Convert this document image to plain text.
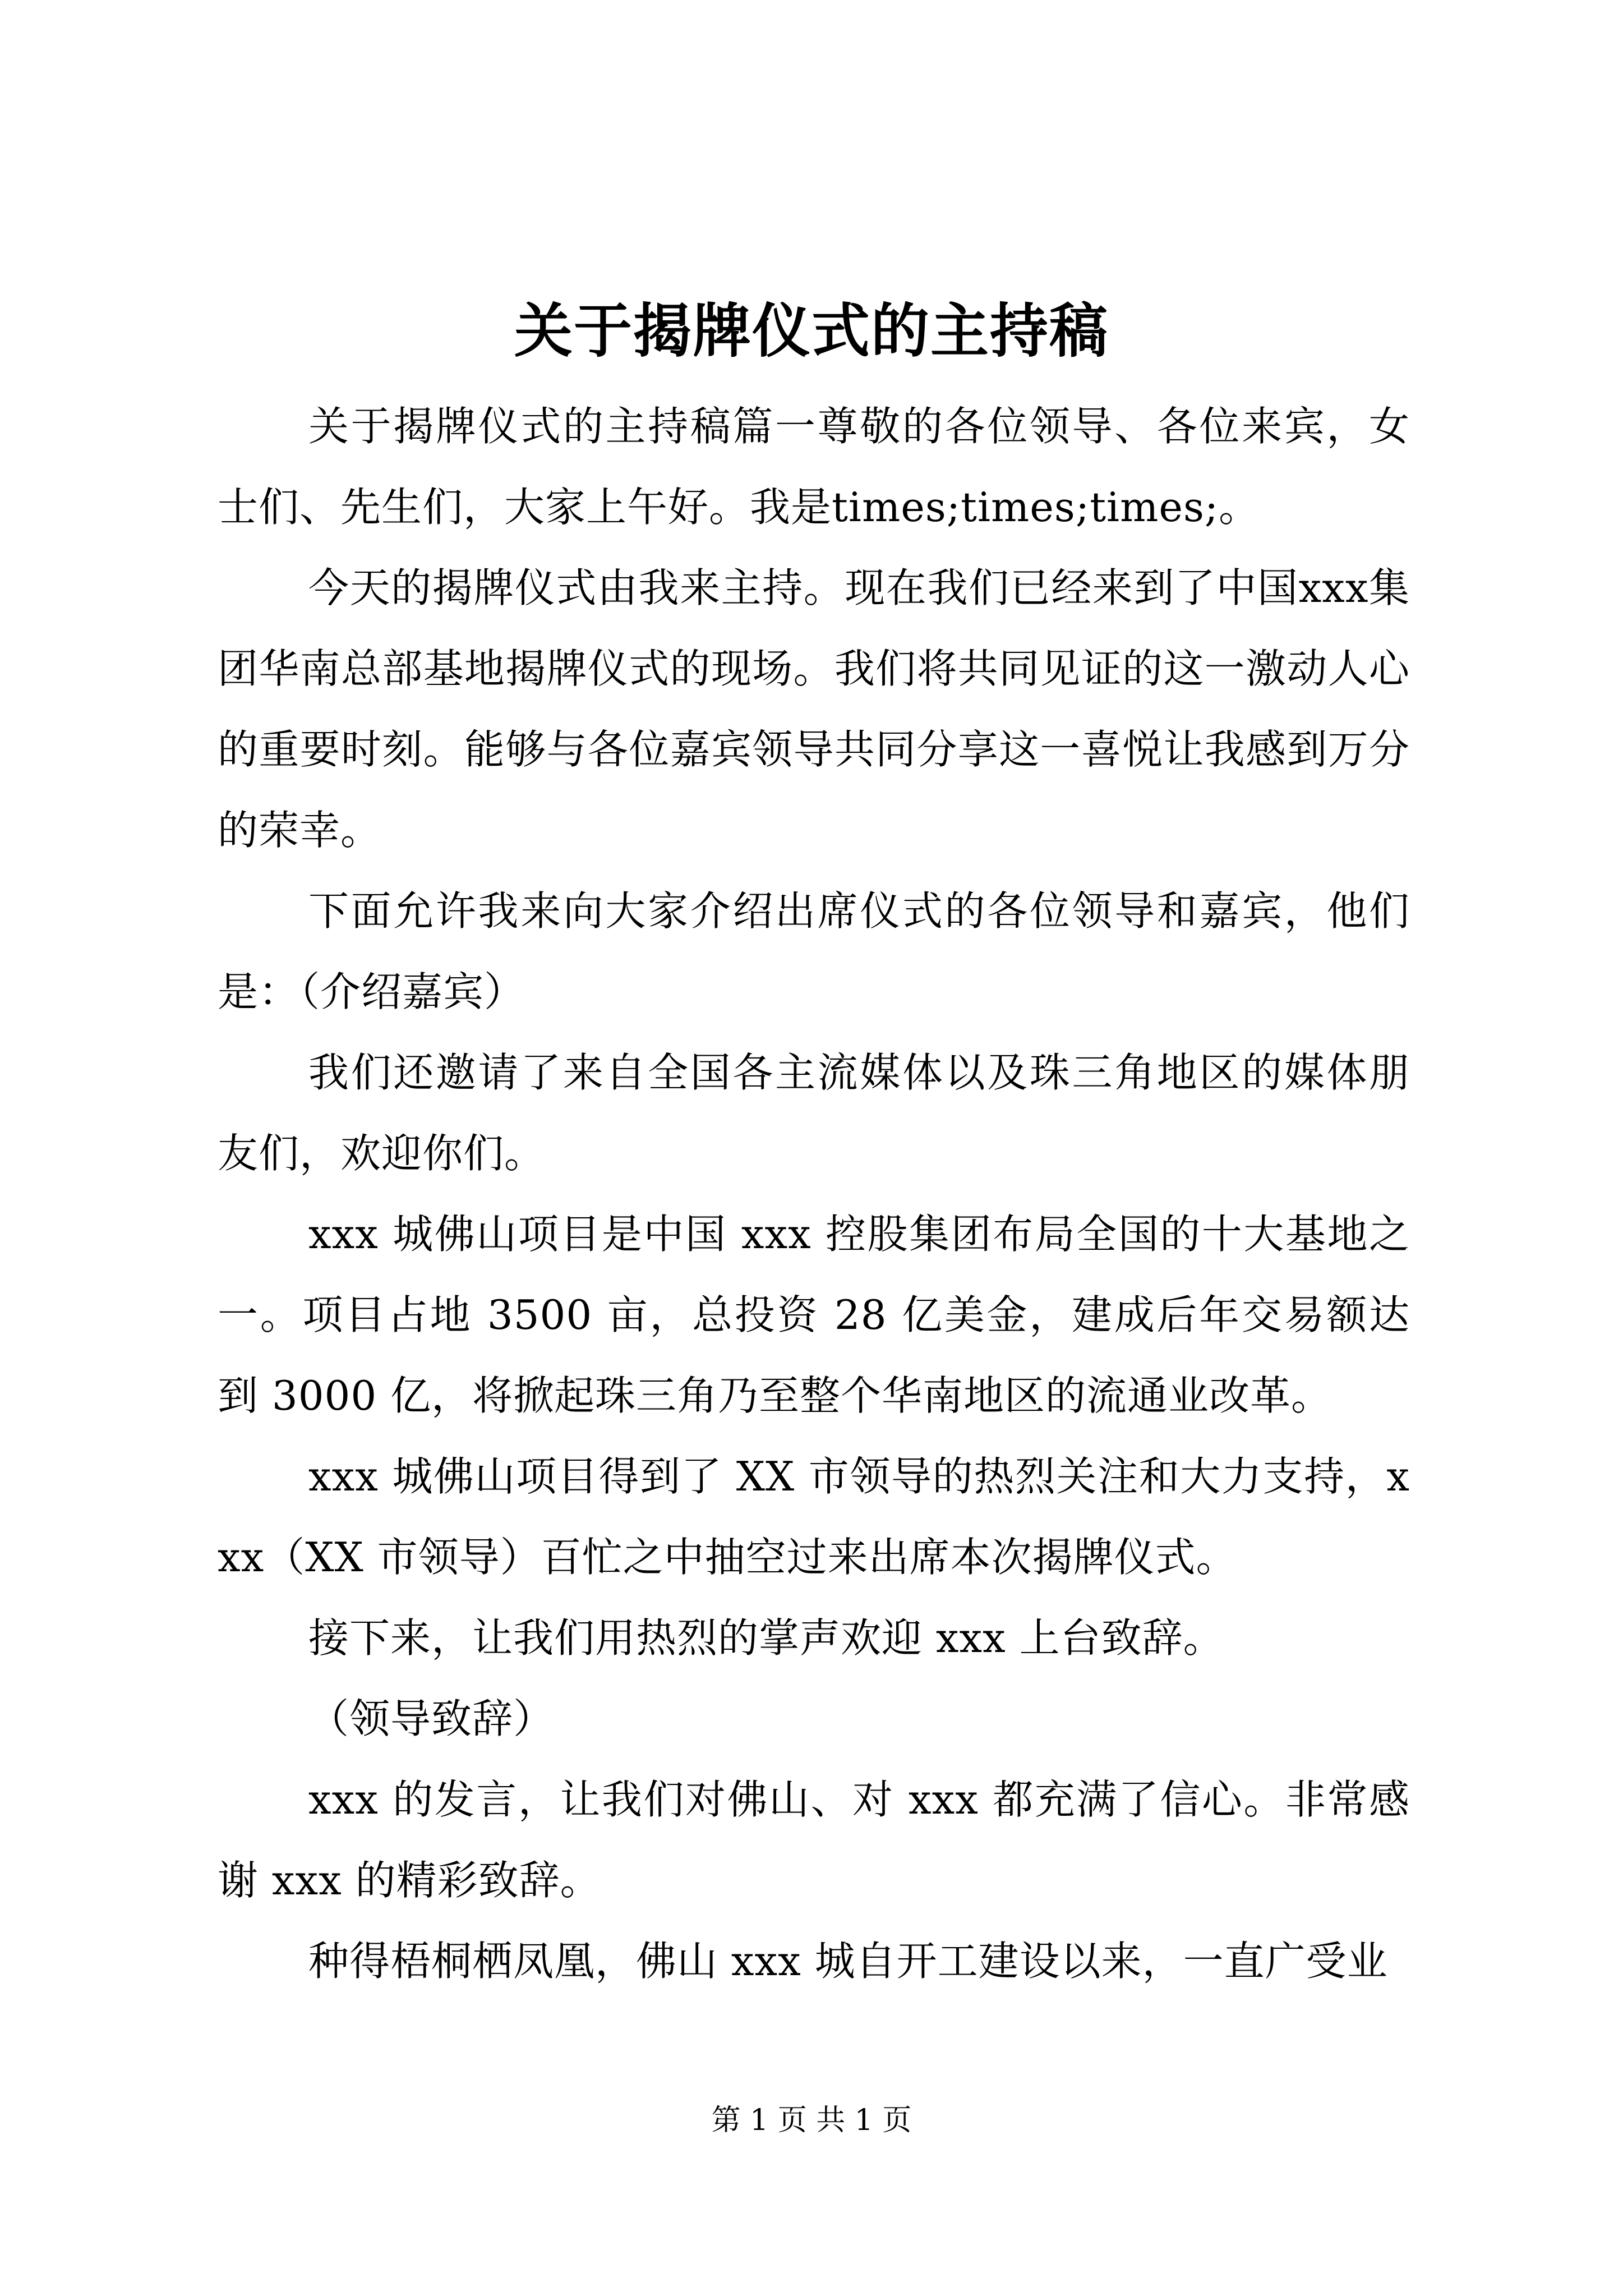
关于揭牌仪式的主持稿

关于揭牌仪式的主持稿篇一尊敬的各位领导、各位来宾，女士们、先生们，大家上午好。我是times;times;times;。

今天的揭牌仪式由我来主持。现在我们已经来到了中国xxx集团华南总部基地揭牌仪式的现场。我们将共同见证的这一激动人心的重要时刻。能够与各位嘉宾领导共同分享这一喜悦让我感到万分的荣幸。

下面允许我来向大家介绍出席仪式的各位领导和嘉宾，他们是：（介绍嘉宾）

我们还邀请了来自全国各主流媒体以及珠三角地区的媒体朋友们，欢迎你们。

xxx 城佛山项目是中国 xxx 控股集团布局全国的十大基地之一。项目占地 3500 亩，总投资 28 亿美金，建成后年交易额达到 3000 亿，将掀起珠三角乃至整个华南地区的流通业改革。

xxx 城佛山项目得到了 XX 市领导的热烈关注和大力支持，xxx（XX 市领导）百忙之中抽空过来出席本次揭牌仪式。

接下来，让我们用热烈的掌声欢迎 xxx 上台致辞。

（领导致辞）

xxx 的发言，让我们对佛山、对 xxx 都充满了信心。非常感谢 xxx 的精彩致辞。

种得梧桐栖凤凰，佛山 xxx 城自开工建设以来，一直广受业

第 1 页 共 1 页
